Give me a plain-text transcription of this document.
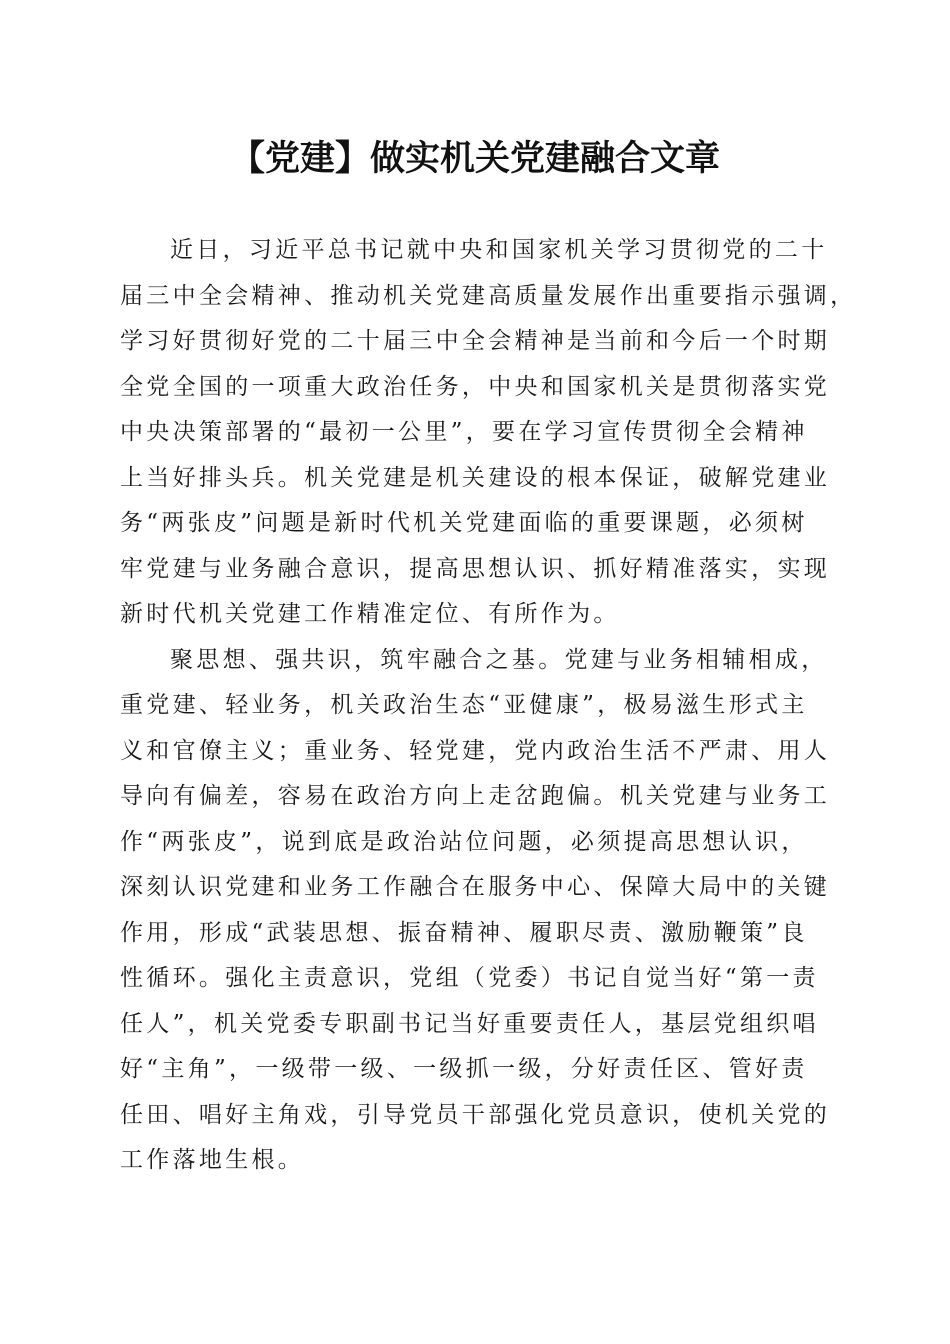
【党建】做实机关党建融合文章
近日，习近平总书记就中央和国家机关学习贯彻党的二十
届三中全会精神、推动机关党建高质量发展作出重要指示强调，
学习好贯彻好党的二十届三中全会精神是当前和今后一个时期
全党全国的一项重大政治任务，中央和国家机关是贯彻落实党
中央决策部署的“最初一公里”，要在学习宣传贯彻全会精神
上当好排头兵。机关党建是机关建设的根本保证，破解党建业
务“两张皮”问题是新时代机关党建面临的重要课题，必须树
牢党建与业务融合意识，提高思想认识、抓好精准落实，实现
新时代机关党建工作精准定位、有所作为。
聚思想、强共识，筑牢融合之基。党建与业务相辅相成，
重党建、轻业务，机关政治生态“亚健康”，极易滋生形式主
义和官僚主义；重业务、轻党建，党内政治生活不严肃、用人
导向有偏差，容易在政治方向上走岔跑偏。机关党建与业务工
作“两张皮”，说到底是政治站位问题，必须提高思想认识，
深刻认识党建和业务工作融合在服务中心、保障大局中的关键
作用，形成“武装思想、振奋精神、履职尽责、激励鞭策”良
性循环。强化主责意识，党组（党委）书记自觉当好“第一责
任人”，机关党委专职副书记当好重要责任人，基层党组织唱
好“主角”，一级带一级、一级抓一级，分好责任区、管好责
任田、唱好主角戏，引导党员干部强化党员意识，使机关党的
工作落地生根。
